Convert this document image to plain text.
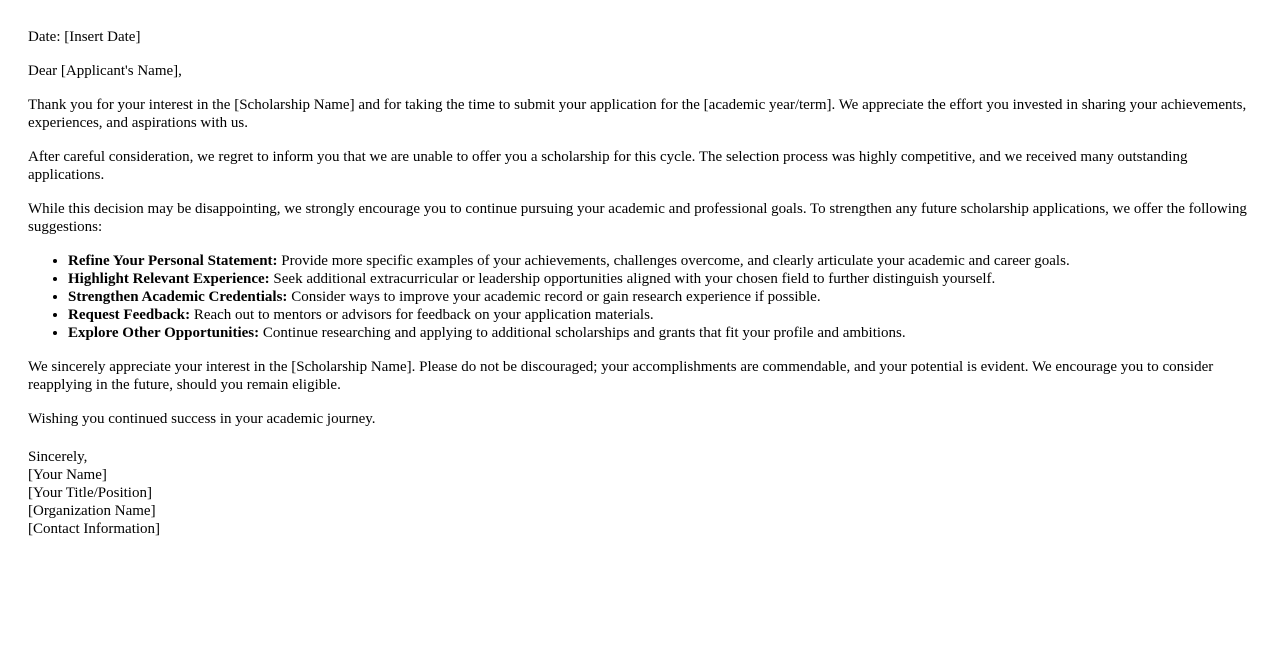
Date: [Insert Date]

Dear [Applicant's Name],

Thank you for your interest in the [Scholarship Name] and for taking the time to submit your application for the [academic year/term]. We appreciate the effort you invested in sharing your achievements, experiences, and aspirations with us.

After careful consideration, we regret to inform you that we are unable to offer you a scholarship for this cycle. The selection process was highly competitive, and we received many outstanding applications.

While this decision may be disappointing, we strongly encourage you to continue pursuing your academic and professional goals. To strengthen any future scholarship applications, we offer the following suggestions:

• Refine Your Personal Statement: Provide more specific examples of your achievements, challenges overcome, and clearly articulate your academic and career goals.
• Highlight Relevant Experience: Seek additional extracurricular or leadership opportunities aligned with your chosen field to further distinguish yourself.
• Strengthen Academic Credentials: Consider ways to improve your academic record or gain research experience if possible.
• Request Feedback: Reach out to mentors or advisors for feedback on your application materials.
• Explore Other Opportunities: Continue researching and applying to additional scholarships and grants that fit your profile and ambitions.

We sincerely appreciate your interest in the [Scholarship Name]. Please do not be discouraged; your accomplishments are commendable, and your potential is evident. We encourage you to consider reapplying in the future, should you remain eligible.

Wishing you continued success in your academic journey.

Sincerely,
[Your Name]
[Your Title/Position]
[Organization Name]
[Contact Information]
